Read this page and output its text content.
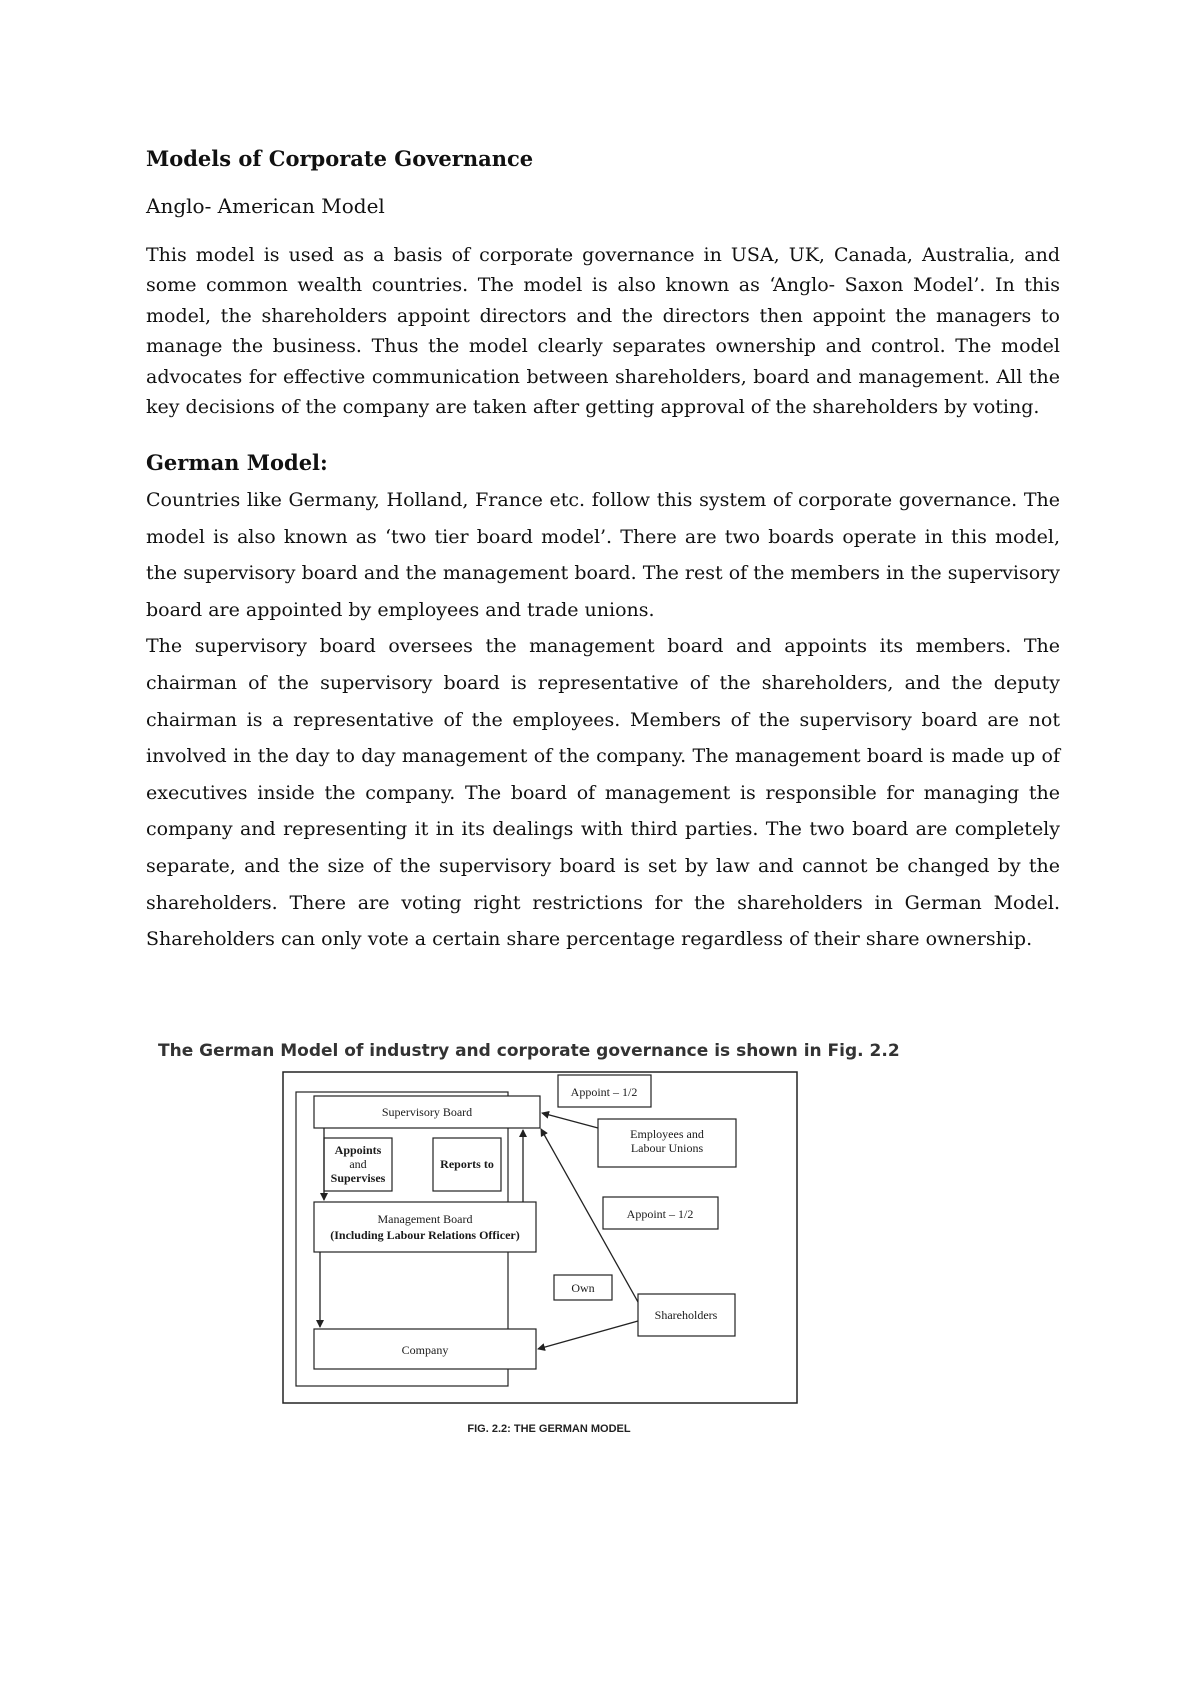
Models of Corporate Governance
Anglo- American Model

This model is used as a basis of corporate governance in USA, UK, Canada, Australia, and some common wealth countries. The model is also known as ‘Anglo- Saxon Model’. In this model, the shareholders appoint directors and the directors then appoint the managers to manage the business. Thus the model clearly separates ownership and control. The model advocates for effective communication between shareholders, board and management. All the key decisions of the company are taken after getting approval of the shareholders by voting.

German Model:

Countries like Germany, Holland, France etc. follow this system of corporate governance. The model is also known as ‘two tier board model’. There are two boards operate in this model, the supervisory board and the management board. The rest of the members in the supervisory board are appointed by employees and trade unions.

The supervisory board oversees the management board and appoints its members. The chairman of the supervisory board is representative of the shareholders, and the deputy chairman is a representative of the employees. Members of the supervisory board are not involved in the day to day management of the company. The management board is made up of executives inside the company. The board of management is responsible for managing the company and representing it in its dealings with third parties. The two board are completely separate, and the size of the supervisory board is set by law and cannot be changed by the shareholders. There are voting right restrictions for the shareholders in German Model. Shareholders can only vote a certain share percentage regardless of their share ownership.

The German Model of industry and corporate governance is shown in Fig. 2.2
Supervisory Board
Appoints
and
Supervises
Reports to
Management Board
(Including Labour Relations Officer)
Company
Appoint – 1/2
Employees and
Labour Unions
Appoint – 1/2
Own
Shareholders
FIG. 2.2: THE GERMAN MODEL
